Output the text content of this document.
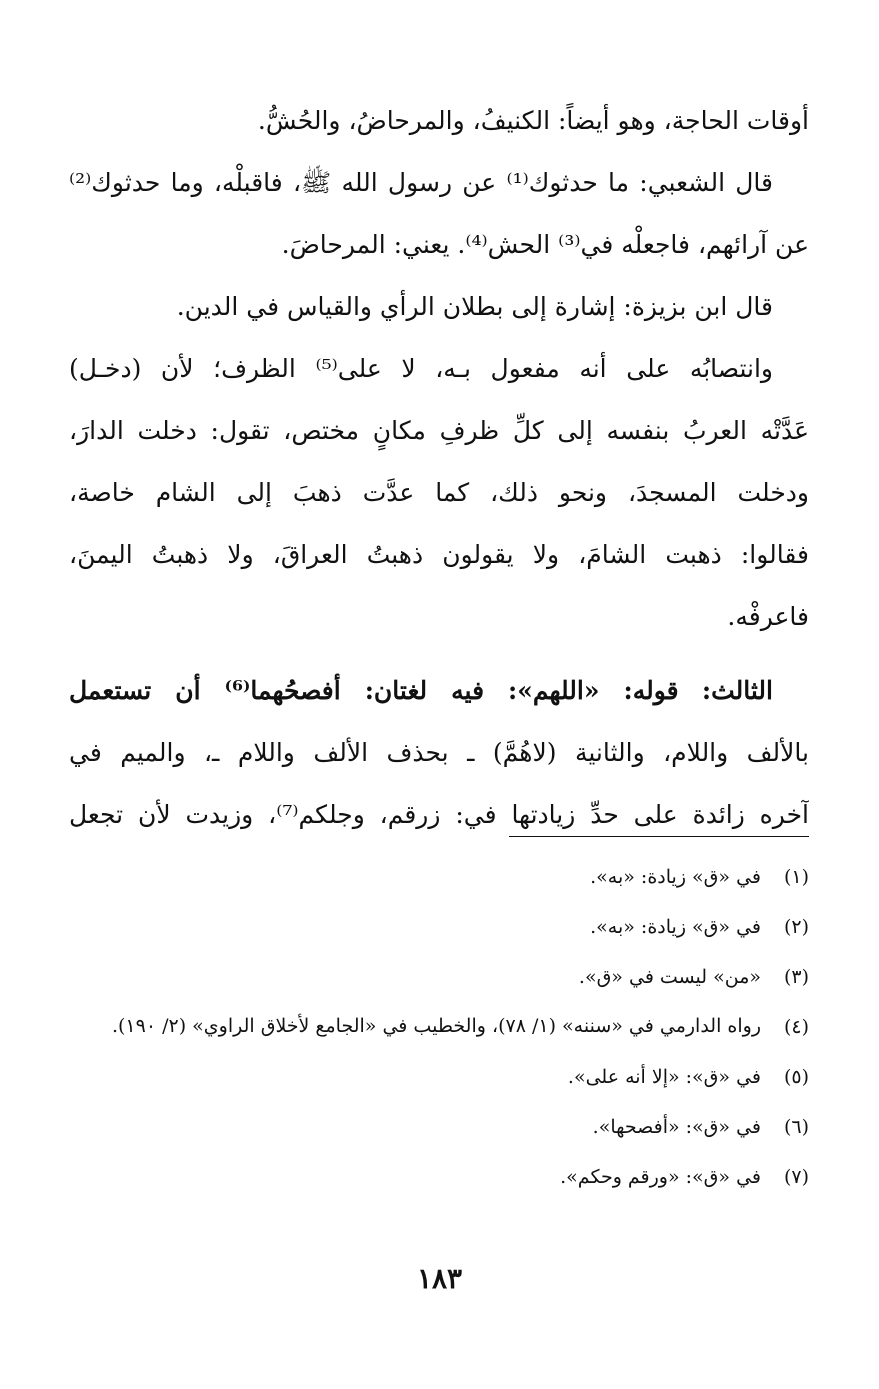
أوقات الحاجة، وهو أيضاً: الكنيفُ، والمرحاضُ، والحُشُّ.
قال الشعبي: ما حدثوك⁽¹⁾ عن رسول الله ﷺ، فاقبلْه، وما حدثوك⁽²⁾
عن آرائهم، فاجعلْه في⁽³⁾ الحش⁽⁴⁾. يعني: المرحاضَ.
قال ابن بزيزة: إشارة إلى بطلان الرأي والقياس في الدين.
وانتصابُه على أنه مفعول بـه، لا على⁽⁵⁾ الظرف؛ لأن (دخـل)
عَدَّتْه العربُ بنفسه إلى كلِّ ظرفِ مكانٍ مختص، تقول: دخلت الدارَ،
ودخلت المسجدَ، ونحو ذلك، كما عدَّت ذهبَ إلى الشام خاصة،
فقالوا: ذهبت الشامَ، ولا يقولون ذهبتُ العراقَ، ولا ذهبتُ اليمنَ،
فاعرفْه.
الثالث: قوله: «اللهم»: فيه لغتان: أفصحُهما⁽⁶⁾ أن تستعمل
بالألف واللام، والثانية (لاهُمَّ) ـ بحذف الألف واللام ـ، والميم في
آخره زائدة على حدِّ زيادتها في: زرقم، وجلكم⁽⁷⁾، وزيدت لأن تجعل
(١)
في «ق» زيادة: «به».
(٢)
في «ق» زيادة: «به».
(٣)
«من» ليست في «ق».
(٤)
رواه الدارمي في «سننه» (١/ ٧٨)، والخطيب في «الجامع لأخلاق الراوي» (٢/ ١٩٠).
(٥)
في «ق»: «إلا أنه على».
(٦)
في «ق»: «أفصحها».
(٧)
في «ق»: «ورقم وحكم».
١٨٣
